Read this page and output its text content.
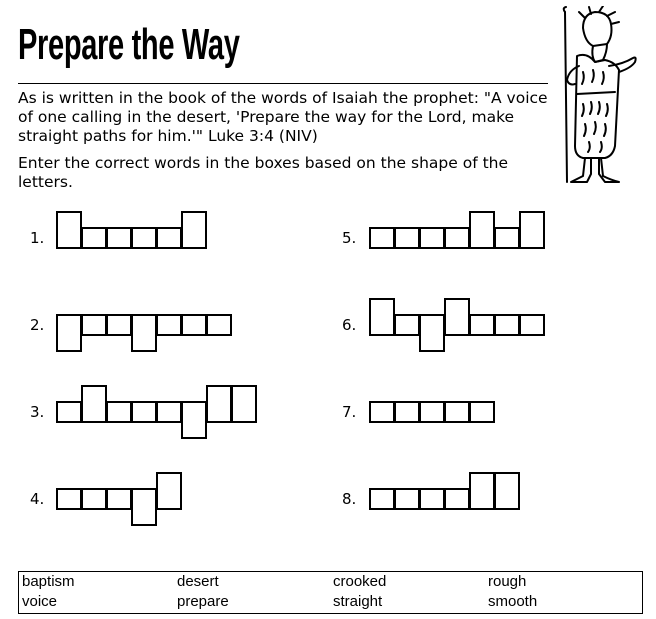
Prepare the Way
As is written in the book of the words of Isaiah the prophet: "A voice of one calling in the desert, 'Prepare the way for the Lord, make straight paths for him.'" Luke 3:4 (NIV)
Enter the correct words in the boxes based on the shape of the letters.
1.
2.
3.
4.
5.
6.
7.
8.
baptism	desert	crooked	rough
voice	prepare	straight	smooth
